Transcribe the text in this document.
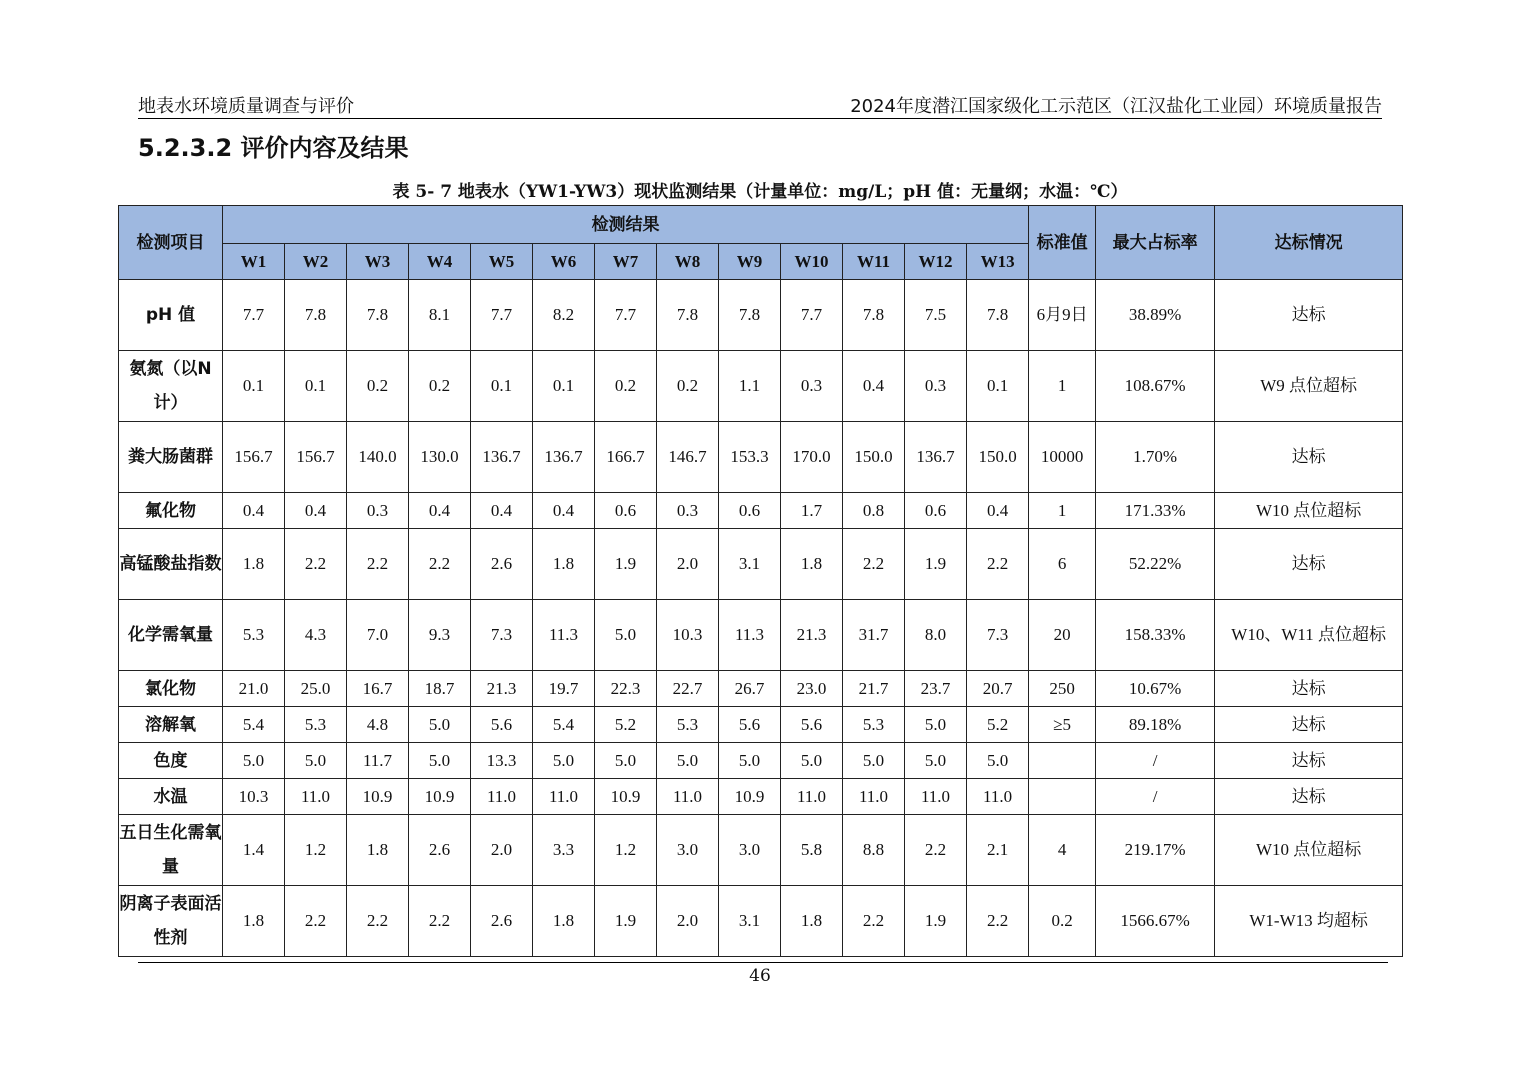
地表水环境质量调查与评价	2024年度潜江国家级化工示范区（江汉盐化工业园）环境质量报告
5.2.3.2 评价内容及结果
表 5- 7 地表水（YW1-YW3）现状监测结果（计量单位：mg/L；pH 值：无量纲；水温：℃）
检测项目	检测结果													标准值	最大占标率	达标情况
	W1	W2	W3	W4	W5	W6	W7	W8	W9	W10	W11	W12	W13			
pH 值	7.7	7.8	7.8	8.1	7.7	8.2	7.7	7.8	7.8	7.7	7.8	7.5	7.8	6月9日	38.89%	达标
氨氮（以N计）	0.1	0.1	0.2	0.2	0.1	0.1	0.2	0.2	1.1	0.3	0.4	0.3	0.1	1	108.67%	W9 点位超标
粪大肠菌群	156.7	156.7	140.0	130.0	136.7	136.7	166.7	146.7	153.3	170.0	150.0	136.7	150.0	10000	1.70%	达标
氟化物	0.4	0.4	0.3	0.4	0.4	0.4	0.6	0.3	0.6	1.7	0.8	0.6	0.4	1	171.33%	W10 点位超标
高锰酸盐指数	1.8	2.2	2.2	2.2	2.6	1.8	1.9	2.0	3.1	1.8	2.2	1.9	2.2	6	52.22%	达标
化学需氧量	5.3	4.3	7.0	9.3	7.3	11.3	5.0	10.3	11.3	21.3	31.7	8.0	7.3	20	158.33%	W10、W11 点位超标
氯化物	21.0	25.0	16.7	18.7	21.3	19.7	22.3	22.7	26.7	23.0	21.7	23.7	20.7	250	10.67%	达标
溶解氧	5.4	5.3	4.8	5.0	5.6	5.4	5.2	5.3	5.6	5.6	5.3	5.0	5.2	≥5	89.18%	达标
色度	5.0	5.0	11.7	5.0	13.3	5.0	5.0	5.0	5.0	5.0	5.0	5.0	5.0		/	达标
水温	10.3	11.0	10.9	10.9	11.0	11.0	10.9	11.0	10.9	11.0	11.0	11.0	11.0		/	达标
五日生化需氧量	1.4	1.2	1.8	2.6	2.0	3.3	1.2	3.0	3.0	5.8	8.8	2.2	2.1	4	219.17%	W10 点位超标
阴离子表面活性剂	1.8	2.2	2.2	2.2	2.6	1.8	1.9	2.0	3.1	1.8	2.2	1.9	2.2	0.2	1566.67%	W1-W13 均超标
46
